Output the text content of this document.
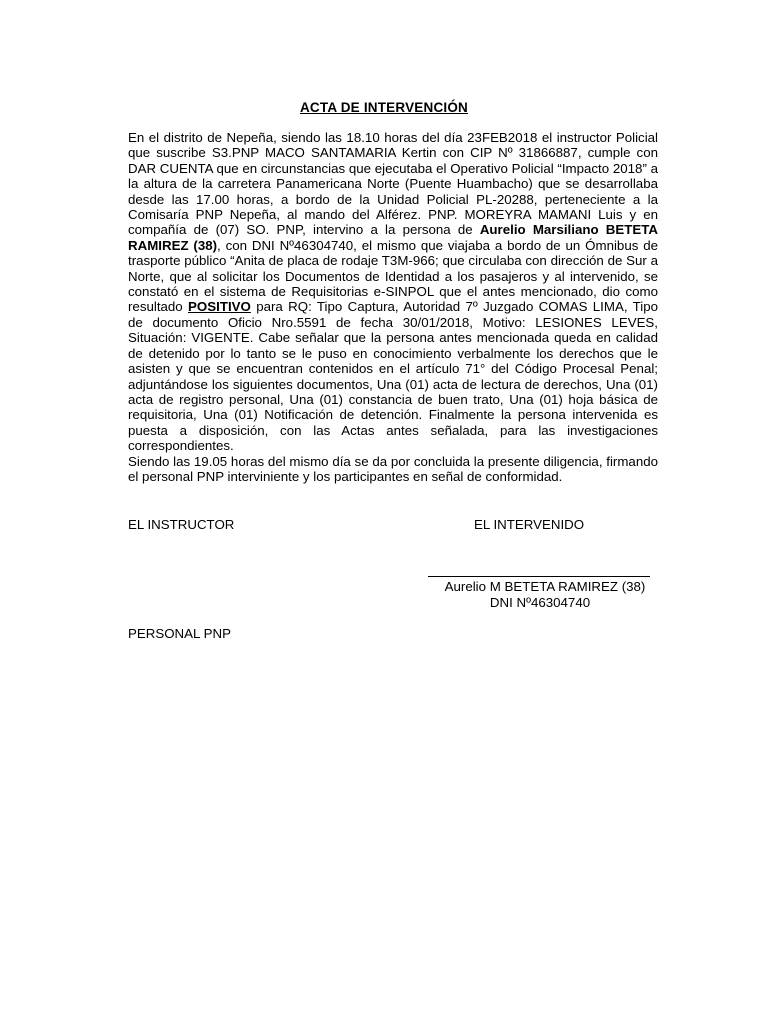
ACTA DE INTERVENCIÓN

En el distrito de Nepeña, siendo las 18.10 horas del día 23FEB2018 el instructor Policial que suscribe S3.PNP MACO SANTAMARIA Kertin con CIP Nº 31866887, cumple con DAR CUENTA que en circunstancias que ejecutaba el Operativo Policial “Impacto 2018” a la altura de la carretera Panamericana Norte (Puente Huambacho) que se desarrollaba desde las 17.00 horas, a bordo de la Unidad Policial PL-20288, perteneciente a la Comisaría PNP Nepeña, al mando del Alférez. PNP. MOREYRA MAMANI Luis y en compañía de (07) SO. PNP, intervino a la persona de Aurelio Marsiliano BETETA RAMIREZ (38), con DNI Nº46304740, el mismo que viajaba a bordo de un Ómnibus de trasporte público “Anita de placa de rodaje T3M-966; que circulaba con dirección de Sur a Norte, que al solicitar los Documentos de Identidad a los pasajeros y al intervenido, se constató en el sistema de Requisitorias e-SINPOL que el antes mencionado, dio como resultado POSITIVO para RQ: Tipo Captura, Autoridad 7º Juzgado COMAS LIMA, Tipo de documento Oficio Nro.5591 de fecha 30/01/2018, Motivo: LESIONES LEVES, Situación: VIGENTE. Cabe señalar que la persona antes mencionada queda en calidad de detenido por lo tanto se le puso en conocimiento verbalmente los derechos que le asisten y que se encuentran contenidos en el artículo 71° del Código Procesal Penal; adjuntándose los siguientes documentos, Una (01) acta de lectura de derechos, Una (01) acta de registro personal, Una (01) constancia de buen trato, Una (01) hoja básica de requisitoria, Una (01) Notificación de detención. Finalmente la persona intervenida es puesta a disposición, con las Actas antes señalada, para las investigaciones correspondientes.

Siendo las 19.05 horas del mismo día se da por concluida la presente diligencia, firmando el personal PNP interviniente y los participantes en señal de conformidad.

EL INSTRUCTOR	EL INTERVENIDO
Aurelio M BETETA RAMIREZ (38)
DNI Nº46304740
PERSONAL PNP
